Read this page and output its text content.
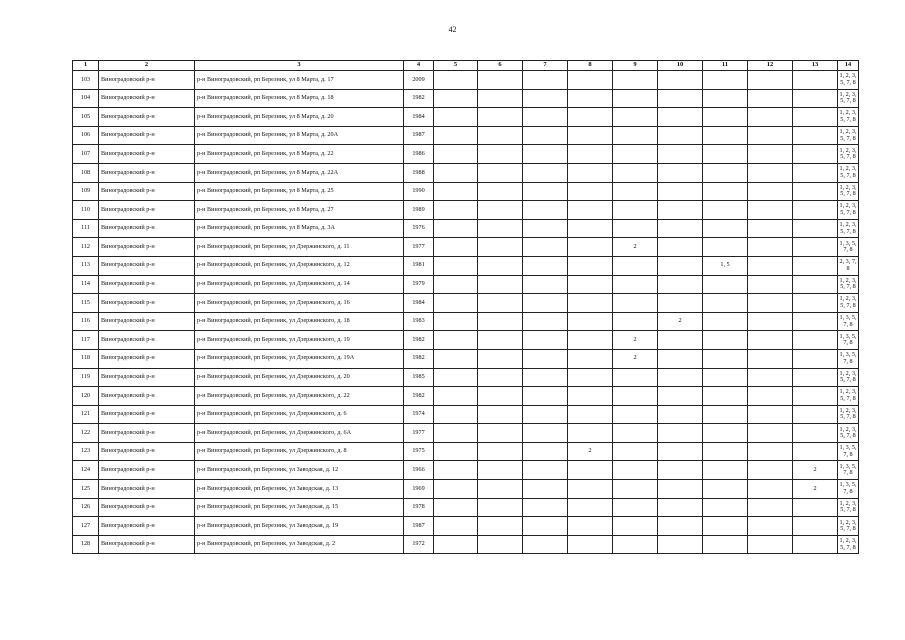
42
1	2	3	4	5	6	7	8	9	10	11	12	13	14
103	Виноградовский р-н	р-н Виноградовский, рп Березник, ул 8 Марта, д. 17	2009										1, 2, 3, 5, 7, 8
104	Виноградовский р-н	р-н Виноградовский, рп Березник, ул 8 Марта, д. 18	1982										1, 2, 3, 5, 7, 8
105	Виноградовский р-н	р-н Виноградовский, рп Березник, ул 8 Марта, д. 20	1984										1, 2, 3, 5, 7, 8
106	Виноградовский р-н	р-н Виноградовский, рп Березник, ул 8 Марта, д. 20А	1987										1, 2, 3, 5, 7, 8
107	Виноградовский р-н	р-н Виноградовский, рп Березник, ул 8 Марта, д. 22	1986										1, 2, 3, 5, 7, 8
108	Виноградовский р-н	р-н Виноградовский, рп Березник, ул 8 Марта, д. 22А	1988										1, 2, 3, 5, 7, 8
109	Виноградовский р-н	р-н Виноградовский, рп Березник, ул 8 Марта, д. 25	1990										1, 2, 3, 5, 7, 8
110	Виноградовский р-н	р-н Виноградовский, рп Березник, ул 8 Марта, д. 27	1989										1, 2, 3, 5, 7, 8
111	Виноградовский р-н	р-н Виноградовский, рп Березник, ул 8 Марта, д. 3А	1976										1, 2, 3, 5, 7, 8
112	Виноградовский р-н	р-н Виноградовский, рп Березник, ул Дзержинского, д. 11	1977					2					1, 3, 5, 7, 8
113	Виноградовский р-н	р-н Виноградовский, рп Березник, ул Дзержинского, д. 12	1981							1, 5			2, 3, 7, 8
114	Виноградовский р-н	р-н Виноградовский, рп Березник, ул Дзержинского, д. 14	1979										1, 2, 3, 5, 7, 8
115	Виноградовский р-н	р-н Виноградовский, рп Березник, ул Дзержинского, д. 16	1984										1, 2, 3, 5, 7, 8
116	Виноградовский р-н	р-н Виноградовский, рп Березник, ул Дзержинского, д. 18	1983						2				1, 3, 5, 7, 8
117	Виноградовский р-н	р-н Виноградовский, рп Березник, ул Дзержинского, д. 19	1982					2					1, 3, 5, 7, 8
118	Виноградовский р-н	р-н Виноградовский, рп Березник, ул Дзержинского, д. 19А	1982					2					1, 3, 5, 7, 8
119	Виноградовский р-н	р-н Виноградовский, рп Березник, ул Дзержинского, д. 20	1985										1, 2, 3, 5, 7, 8
120	Виноградовский р-н	р-н Виноградовский, рп Березник, ул Дзержинского, д. 22	1982										1, 2, 3, 5, 7, 8
121	Виноградовский р-н	р-н Виноградовский, рп Березник, ул Дзержинского, д. 6	1974										1, 2, 3, 5, 7, 8
122	Виноградовский р-н	р-н Виноградовский, рп Березник, ул Дзержинского, д. 6А	1977										1, 2, 3, 5, 7, 8
123	Виноградовский р-н	р-н Виноградовский, рп Березник, ул Дзержинского, д. 8	1975				2						1, 3, 5, 7, 8
124	Виноградовский р-н	р-н Виноградовский, рп Березник, ул Заводская, д. 12	1966									2	1, 3, 5, 7, 8
125	Виноградовский р-н	р-н Виноградовский, рп Березник, ул Заводская, д. 13	1969									2	1, 3, 5, 7, 8
126	Виноградовский р-н	р-н Виноградовский, рп Березник, ул Заводская, д. 15	1978										1, 2, 3, 5, 7, 8
127	Виноградовский р-н	р-н Виноградовский, рп Березник, ул Заводская, д. 19	1987										1, 2, 3, 5, 7, 8
128	Виноградовский р-н	р-н Виноградовский, рп Березник, ул Заводская, д. 2	1972										1, 2, 3, 5, 7, 8
